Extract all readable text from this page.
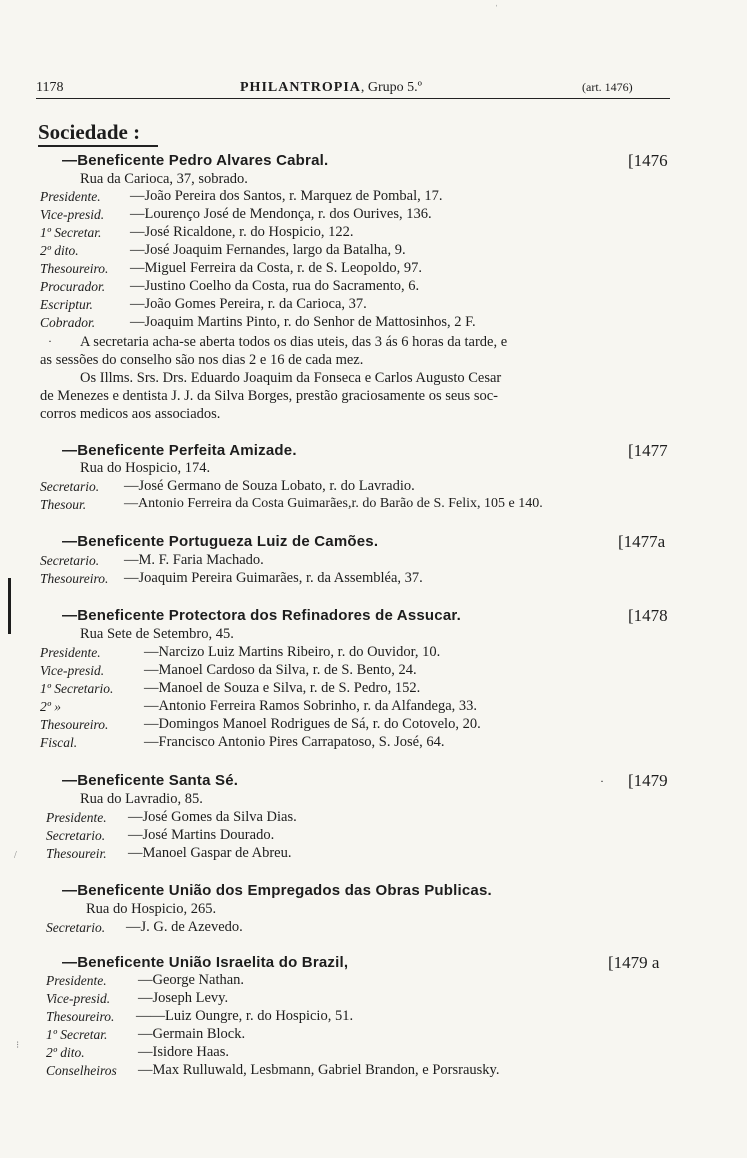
1178	PHILANTROPIA, Grupo 5.º	(art. 1476)
Sociedade :
—Beneficente Pedro Alvares Cabral.	[1476
Rua da Carioca, 37, sobrado.
Presidente. —João Pereira dos Santos, r. Marquez de Pombal, 17.
Vice-presid. —Lourenço José de Mendonça, r. dos Ourives, 136.
1º Secretar. —José Ricaldone, r. do Hospicio, 122.
2º dito.	—José Joaquim Fernandes, largo da Batalha, 9.
Thesoureiro. —Miguel Ferreira da Costa, r. de S. Leopoldo, 97.
Procurador. —Justino Coelho da Costa, rua do Sacramento, 6.
Escriptur.	—João Gomes Pereira, r. da Carioca, 37.
Cobrador. —Joaquim Martins Pinto, r. do Senhor de Mattosinhos, 2 F.
· A secretaria acha-se aberta todos os dias uteis, das 3 ás 6 horas da tarde, e
as sessões do conselho são nos dias 2 e 16 de cada mez.
Os Illms. Srs. Drs. Eduardo Joaquim da Fonseca e Carlos Augusto Cesar
de Menezes e dentista J. J. da Silva Borges, prestão graciosamente os seus soc-
corros medicos aos associados.
—Beneficente Perfeita Amizade.	[1477
Rua do Hospicio, 174.
Secretario. —José Germano de Souza Lobato, r. do Lavradio.
Thesour.	—Antonio Ferreira da Costa Guimarães,r. do Barão de S. Felix, 105 e 140.
—Beneficente Portugueza Luiz de Camões.	[1477a
Secretario. —M. F. Faria Machado.
Thesoureiro. —Joaquim Pereira Guimarães, r. da Assembléa, 37.
—Beneficente Protectora dos Refinadores de Assucar.	[1478
Rua Sete de Setembro, 45.
Presidente.	—Narcizo Luiz Martins Ribeiro, r. do Ouvidor, 10.
Vice-presid.	—Manoel Cardoso da Silva, r. de S. Bento, 24.
1º Secretario. —Manoel de Souza e Silva, r. de S. Pedro, 152.
2º »	—Antonio Ferreira Ramos Sobrinho, r. da Alfandega, 33.
Thesoureiro. —Domingos Manoel Rodrigues de Sá, r. do Cotovelo, 20.
Fiscal.	—Francisco Antonio Pires Carrapatoso, S. José, 64.
—Beneficente Santa Sé.	· [1479
Rua do Lavradio, 85.
Presidente. —José Gomes da Silva Dias.
Secretario. —José Martins Dourado.
Thesoureir. —Manoel Gaspar de Abreu.
—Beneficente União dos Empregados das Obras Publicas.
Rua do Hospicio, 265.
Secretario. —J. G. de Azevedo.
—Beneficente União Israelita do Brazil,	[1479 a
Presidente. —George Nathan.
Vice-presid. —Joseph Levy.
Thesoureiro. ——Luiz Oungre, r. do Hospicio, 51.
1º Secretar. —Germain Block.
2º dito.	—Isidore Haas.
Conselheiros —Max Rulluwald, Lesbmann, Gabriel Brandon, e Porsrausky.
ˈ
/
⁝
